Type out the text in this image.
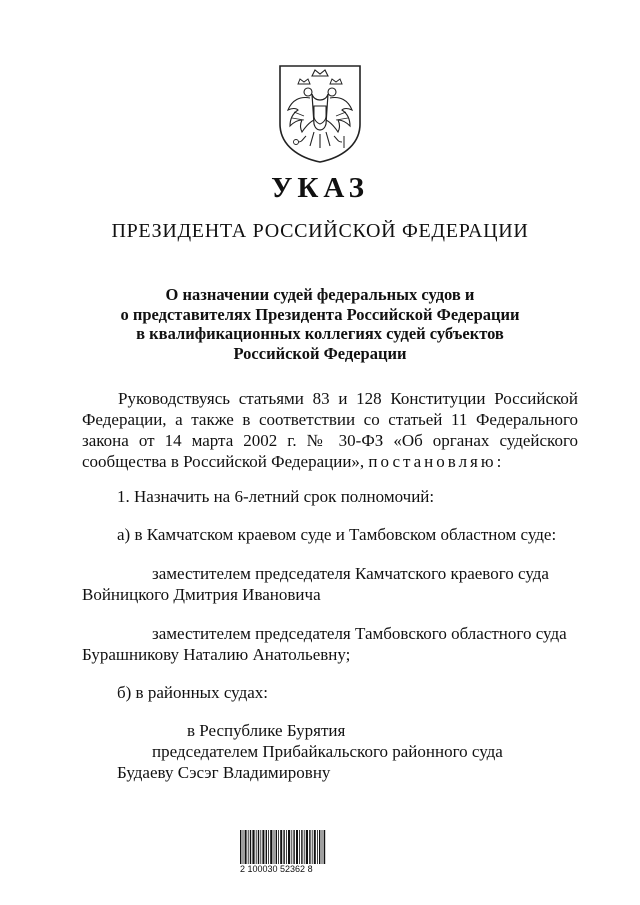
УКАЗ
ПРЕЗИДЕНТА РОССИЙСКОЙ ФЕДЕРАЦИИ
О назначении судей федеральных судов и
о представителях Президента Российской Федерации
в квалификационных коллегиях судей субъектов
Российской Федерации
Руководствуясь статьями 83 и 128 Конституции Российской
Федерации, а также в соответствии со статьей 11 Федерального
закона от 14 марта 2002 г. № 30-ФЗ «Об органах судейского
сообщества в Российской Федерации», постановляю:
1. Назначить на 6-летний срок полномочий:
а) в Камчатском краевом суде и Тамбовском областном суде:
заместителем председателя Камчатского краевого суда
Войницкого Дмитрия Ивановича
заместителем председателя Тамбовского областного суда
Бурашникову Наталию Анатольевну;
б) в районных судах:
в Республике Бурятия
председателем Прибайкальского районного суда
Будаеву Сэсэг Владимировну
2 100030 52362 8
